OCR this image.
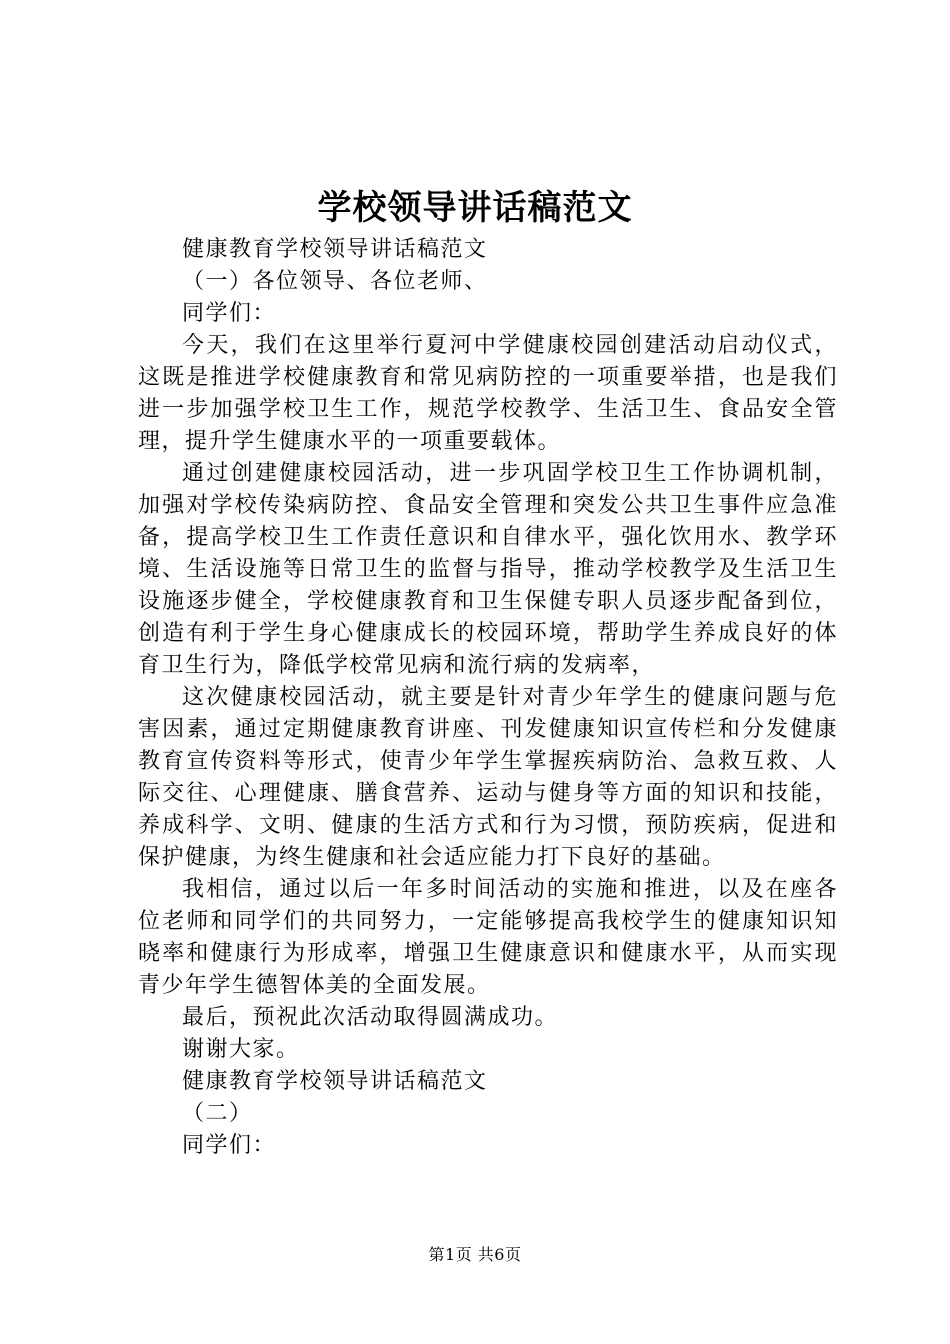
学校领导讲话稿范文

健康教育学校领导讲话稿范文

（一）各位领导、各位老师、

同学们：

今天，我们在这里举行夏河中学健康校园创建活动启动仪式，这既是推进学校健康教育和常见病防控的一项重要举措，也是我们进一步加强学校卫生工作，规范学校教学、生活卫生、食品安全管理，提升学生健康水平的一项重要载体。

通过创建健康校园活动，进一步巩固学校卫生工作协调机制，加强对学校传染病防控、食品安全管理和突发公共卫生事件应急准备，提高学校卫生工作责任意识和自律水平，强化饮用水、教学环境、生活设施等日常卫生的监督与指导，推动学校教学及生活卫生设施逐步健全，学校健康教育和卫生保健专职人员逐步配备到位，创造有利于学生身心健康成长的校园环境，帮助学生养成良好的体育卫生行为，降低学校常见病和流行病的发病率，

这次健康校园活动，就主要是针对青少年学生的健康问题与危害因素，通过定期健康教育讲座、刊发健康知识宣传栏和分发健康教育宣传资料等形式，使青少年学生掌握疾病防治、急救互救、人际交往、心理健康、膳食营养、运动与健身等方面的知识和技能，养成科学、文明、健康的生活方式和行为习惯，预防疾病，促进和保护健康，为终生健康和社会适应能力打下良好的基础。

我相信，通过以后一年多时间活动的实施和推进，以及在座各位老师和同学们的共同努力，一定能够提高我校学生的健康知识知晓率和健康行为形成率，增强卫生健康意识和健康水平，从而实现青少年学生德智体美的全面发展。

最后，预祝此次活动取得圆满成功。

谢谢大家。

健康教育学校领导讲话稿范文

（二）

同学们：

第1页 共6页
